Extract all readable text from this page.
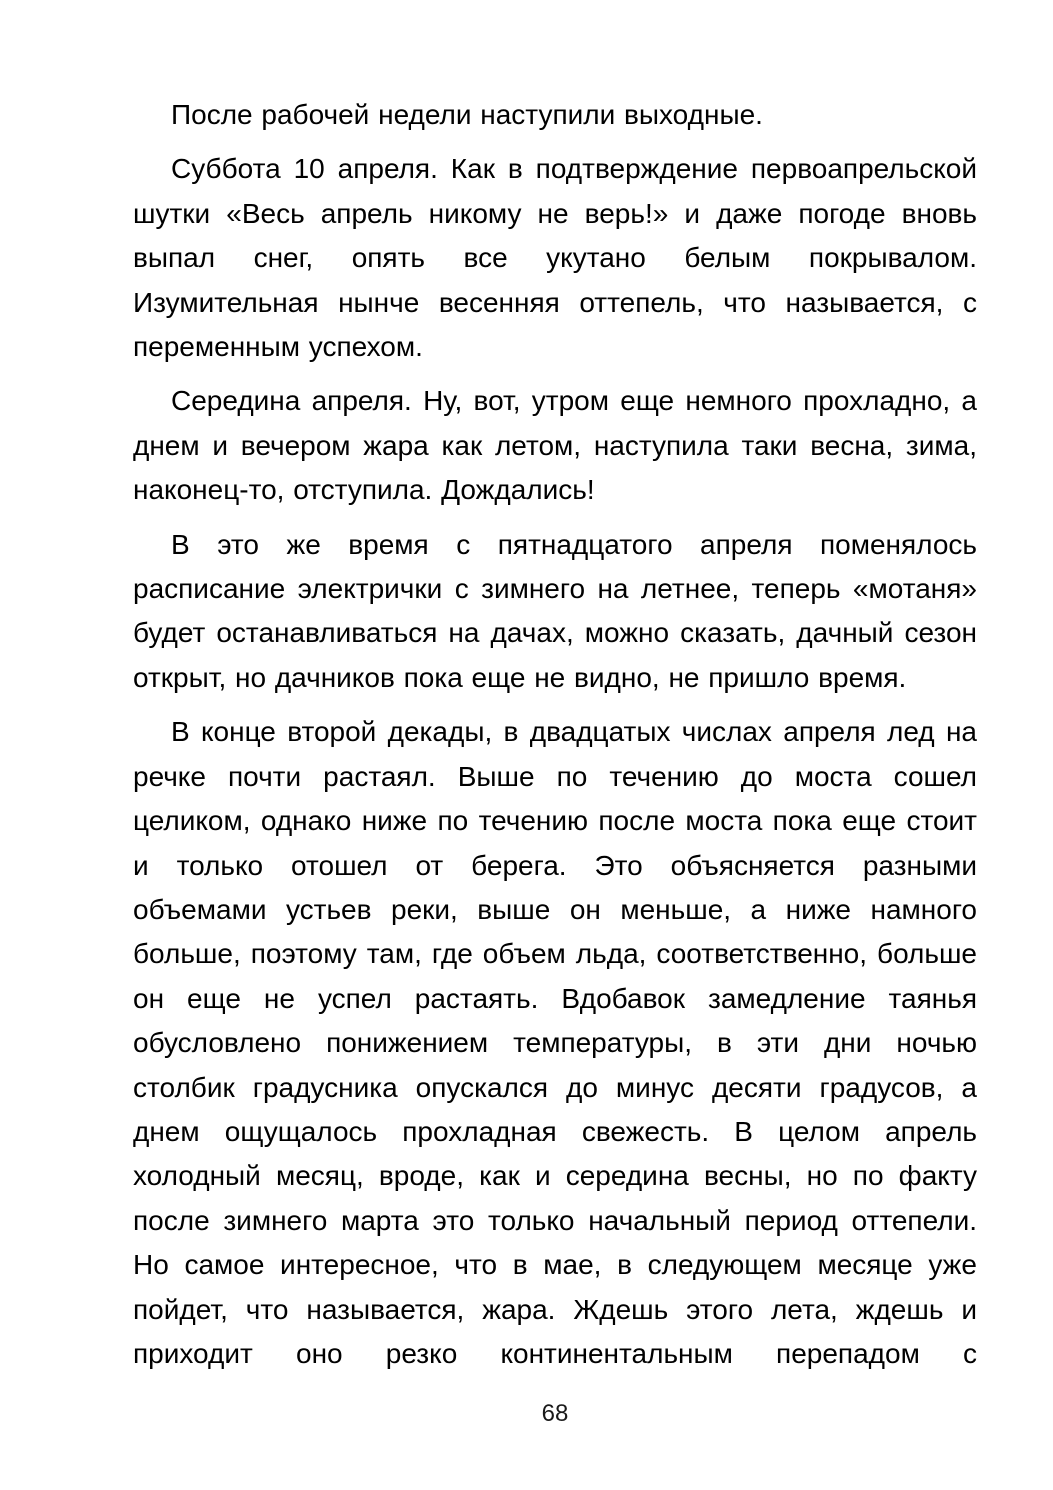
После рабочей недели наступили выходные.

Суббота 10 апреля. Как в подтверждение первоапрельской шутки «Весь апрель никому не верь!» и даже погоде вновь выпал снег, опять все укутано белым покрывалом. Изумительная нынче весенняя оттепель, что называется, с переменным успехом.

Середина апреля. Ну, вот, утром еще немного прохладно, а днем и вечером жара как летом, наступила таки весна, зима, наконец-то, отступила. Дождались!

В это же время с пятнадцатого апреля поменялось расписание электрички с зимнего на летнее, теперь «мотаня» будет останавливаться на дачах, можно сказать, дачный сезон открыт, но дачников пока еще не видно, не пришло время.

В конце второй декады, в двадцатых числах апреля лед на речке почти растаял. Выше по течению до моста сошел целиком, однако ниже по течению после моста пока еще стоит и только отошел от берега. Это объясняется разными объемами устьев реки, выше он меньше, а ниже намного больше, поэтому там, где объем льда, соответственно, больше он еще не успел растаять. Вдобавок замедление таянья обусловлено понижением температуры, в эти дни ночью столбик градусника опускался до минус десяти градусов, а днем ощущалось прохладная свежесть. В целом апрель холодный месяц, вроде, как и середина весны, но по факту после зимнего марта это только начальный период оттепели. Но самое интересное, что в мае, в следующем месяце уже пойдет, что называется, жара. Ждешь этого лета, ждешь и приходит оно резко континентальным перепадом с

68
